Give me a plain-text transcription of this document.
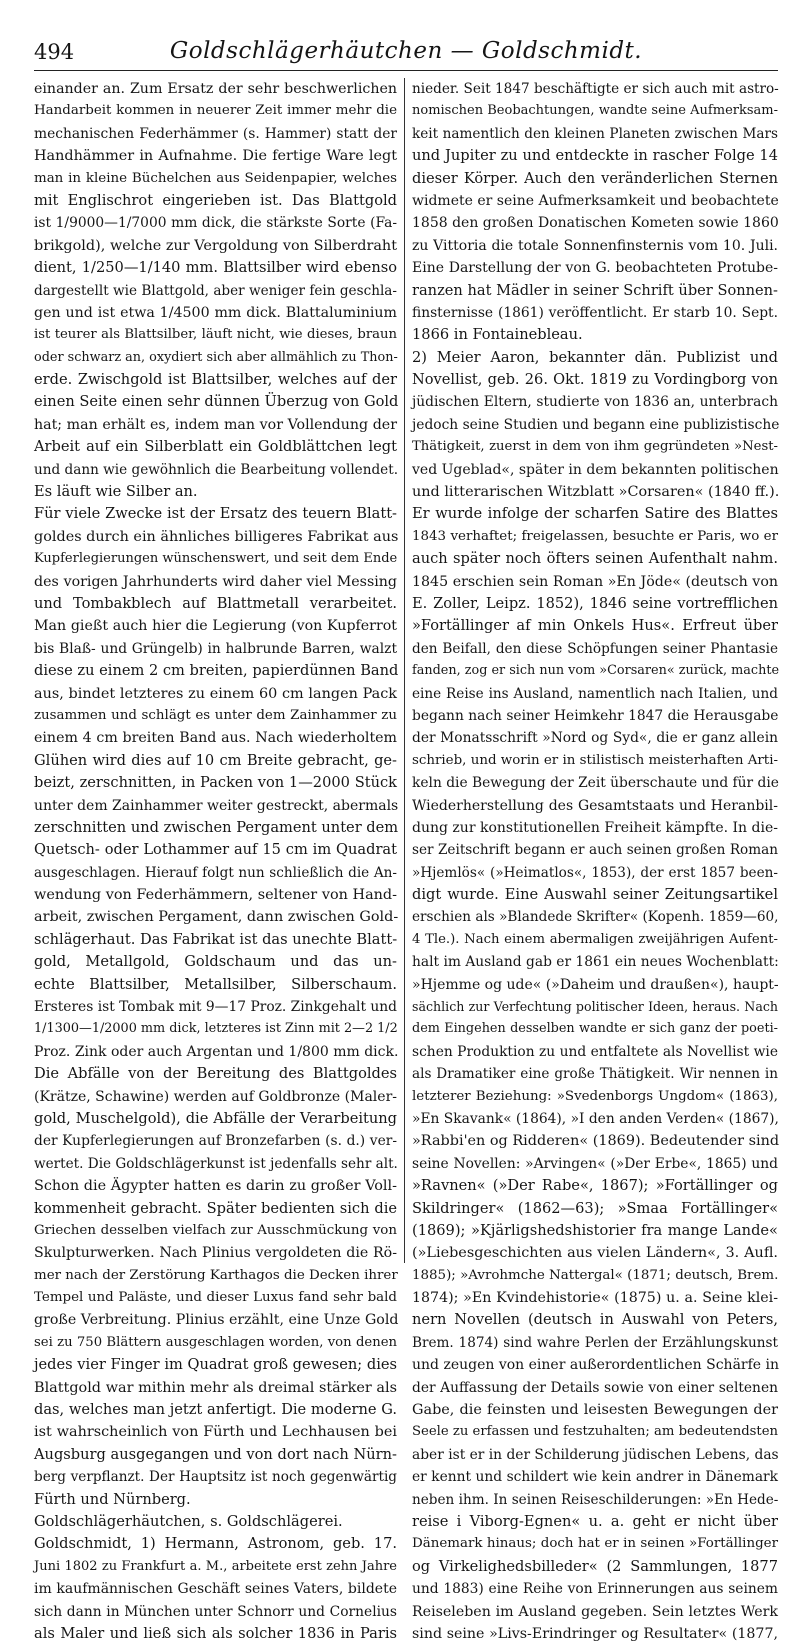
494	Goldschlägerhäutchen — Goldschmidt.
einander an. Zum Ersatz der sehr beschwerlichen
Handarbeit kommen in neuerer Zeit immer mehr die
mechanischen Federhämmer (s. Hammer) statt der
Handhämmer in Aufnahme. Die fertige Ware legt
man in kleine Büchelchen aus Seidenpapier, welches
mit Englischrot eingerieben ist. Das Blattgold
ist 1/9000—1/7000 mm dick, die stärkste Sorte (Fa-
brikgold), welche zur Vergoldung von Silberdraht
dient, 1/250—1/140 mm. Blattsilber wird ebenso
dargestellt wie Blattgold, aber weniger fein geschla-
gen und ist etwa 1/4500 mm dick. Blattaluminium
ist teurer als Blattsilber, läuft nicht, wie dieses, braun
oder schwarz an, oxydiert sich aber allmählich zu Thon-
erde. Zwischgold ist Blattsilber, welches auf der
einen Seite einen sehr dünnen Überzug von Gold
hat; man erhält es, indem man vor Vollendung der
Arbeit auf ein Silberblatt ein Goldblättchen legt
und dann wie gewöhnlich die Bearbeitung vollendet.
Es läuft wie Silber an.
Für viele Zwecke ist der Ersatz des teuern Blatt-
goldes durch ein ähnliches billigeres Fabrikat aus
Kupferlegierungen wünschenswert, und seit dem Ende
des vorigen Jahrhunderts wird daher viel Messing
und Tombakblech auf Blattmetall verarbeitet.
Man gießt auch hier die Legierung (von Kupferrot
bis Blaß- und Grüngelb) in halbrunde Barren, walzt
diese zu einem 2 cm breiten, papierdünnen Band
aus, bindet letzteres zu einem 60 cm langen Pack
zusammen und schlägt es unter dem Zainhammer zu
einem 4 cm breiten Band aus. Nach wiederholtem
Glühen wird dies auf 10 cm Breite gebracht, ge-
beizt, zerschnitten, in Packen von 1—2000 Stück
unter dem Zainhammer weiter gestreckt, abermals
zerschnitten und zwischen Pergament unter dem
Quetsch- oder Lothammer auf 15 cm im Quadrat
ausgeschlagen. Hierauf folgt nun schließlich die An-
wendung von Federhämmern, seltener von Hand-
arbeit, zwischen Pergament, dann zwischen Gold-
schlägerhaut. Das Fabrikat ist das unechte Blatt-
gold, Metallgold, Goldschaum und das un-
echte Blattsilber, Metallsilber, Silberschaum.
Ersteres ist Tombak mit 9—17 Proz. Zinkgehalt und
1/1300—1/2000 mm dick, letzteres ist Zinn mit 2—2 1/2
Proz. Zink oder auch Argentan und 1/800 mm dick.
Die Abfälle von der Bereitung des Blattgoldes
(Krätze, Schawine) werden auf Goldbronze (Maler-
gold, Muschelgold), die Abfälle der Verarbeitung
der Kupferlegierungen auf Bronzefarben (s. d.) ver-
wertet. Die Goldschlägerkunst ist jedenfalls sehr alt.
Schon die Ägypter hatten es darin zu großer Voll-
kommenheit gebracht. Später bedienten sich die
Griechen desselben vielfach zur Ausschmückung von
Skulpturwerken. Nach Plinius vergoldeten die Rö-
mer nach der Zerstörung Karthagos die Decken ihrer
Tempel und Paläste, und dieser Luxus fand sehr bald
große Verbreitung. Plinius erzählt, eine Unze Gold
sei zu 750 Blättern ausgeschlagen worden, von denen
jedes vier Finger im Quadrat groß gewesen; dies
Blattgold war mithin mehr als dreimal stärker als
das, welches man jetzt anfertigt. Die moderne G.
ist wahrscheinlich von Fürth und Lechhausen bei
Augsburg ausgegangen und von dort nach Nürn-
berg verpflanzt. Der Hauptsitz ist noch gegenwärtig
Fürth und Nürnberg.
Goldschlägerhäutchen, s. Goldschlägerei.
Goldschmidt, 1) Hermann, Astronom, geb. 17.
Juni 1802 zu Frankfurt a. M., arbeitete erst zehn Jahre
im kaufmännischen Geschäft seines Vaters, bildete
sich dann in München unter Schnorr und Cornelius
als Maler und ließ sich als solcher 1836 in Paris
nieder. Seit 1847 beschäftigte er sich auch mit astro-
nomischen Beobachtungen, wandte seine Aufmerksam-
keit namentlich den kleinen Planeten zwischen Mars
und Jupiter zu und entdeckte in rascher Folge 14
dieser Körper. Auch den veränderlichen Sternen
widmete er seine Aufmerksamkeit und beobachtete
1858 den großen Donatischen Kometen sowie 1860
zu Vittoria die totale Sonnenfinsternis vom 10. Juli.
Eine Darstellung der von G. beobachteten Protube-
ranzen hat Mädler in seiner Schrift über Sonnen-
finsternisse (1861) veröffentlicht. Er starb 10. Sept.
1866 in Fontainebleau.
2) Meier Aaron, bekannter dän. Publizist und
Novellist, geb. 26. Okt. 1819 zu Vordingborg von
jüdischen Eltern, studierte von 1836 an, unterbrach
jedoch seine Studien und begann eine publizistische
Thätigkeit, zuerst in dem von ihm gegründeten »Nest-
ved Ugeblad«, später in dem bekannten politischen
und litterarischen Witzblatt »Corsaren« (1840 ff.).
Er wurde infolge der scharfen Satire des Blattes
1843 verhaftet; freigelassen, besuchte er Paris, wo er
auch später noch öfters seinen Aufenthalt nahm.
1845 erschien sein Roman »En Jöde« (deutsch von
E. Zoller, Leipz. 1852), 1846 seine vortrefflichen
»Fortällinger af min Onkels Hus«. Erfreut über
den Beifall, den diese Schöpfungen seiner Phantasie
fanden, zog er sich nun vom »Corsaren« zurück, machte
eine Reise ins Ausland, namentlich nach Italien, und
begann nach seiner Heimkehr 1847 die Herausgabe
der Monatsschrift »Nord og Syd«, die er ganz allein
schrieb, und worin er in stilistisch meisterhaften Arti-
keln die Bewegung der Zeit überschaute und für die
Wiederherstellung des Gesamtstaats und Heranbil-
dung zur konstitutionellen Freiheit kämpfte. In die-
ser Zeitschrift begann er auch seinen großen Roman
»Hjemlös« (»Heimatlos«, 1853), der erst 1857 been-
digt wurde. Eine Auswahl seiner Zeitungsartikel
erschien als »Blandede Skrifter« (Kopenh. 1859—60,
4 Tle.). Nach einem abermaligen zweijährigen Aufent-
halt im Ausland gab er 1861 ein neues Wochenblatt:
»Hjemme og ude« (»Daheim und draußen«), haupt-
sächlich zur Verfechtung politischer Ideen, heraus. Nach
dem Eingehen desselben wandte er sich ganz der poeti-
schen Produktion zu und entfaltete als Novellist wie
als Dramatiker eine große Thätigkeit. Wir nennen in
letzterer Beziehung: »Svedenborgs Ungdom« (1863),
»En Skavank« (1864), »I den anden Verden« (1867),
»Rabbi'en og Ridderen« (1869). Bedeutender sind
seine Novellen: »Arvingen« (»Der Erbe«, 1865) und
»Ravnen« (»Der Rabe«, 1867); »Fortällinger og
Skildringer« (1862—63); »Smaa Fortällinger«
(1869); »Kjärligshedshistorier fra mange Lande«
(»Liebesgeschichten aus vielen Ländern«, 3. Aufl.
1885); »Avrohmche Nattergal« (1871; deutsch, Brem.
1874); »En Kvindehistorie« (1875) u. a. Seine klei-
nern Novellen (deutsch in Auswahl von Peters,
Brem. 1874) sind wahre Perlen der Erzählungskunst
und zeugen von einer außerordentlichen Schärfe in
der Auffassung der Details sowie von einer seltenen
Gabe, die feinsten und leisesten Bewegungen der
Seele zu erfassen und festzuhalten; am bedeutendsten
aber ist er in der Schilderung jüdischen Lebens, das
er kennt und schildert wie kein andrer in Dänemark
neben ihm. In seinen Reiseschilderungen: »En Hede-
reise i Viborg-Egnen« u. a. geht er nicht über
Dänemark hinaus; doch hat er in seinen »Fortällinger
og Virkelighedsbilleder« (2 Sammlungen, 1877
und 1883) eine Reihe von Erinnerungen aus seinem
Reiseleben im Ausland gegeben. Sein letztes Werk
sind seine »Livs-Erindringer og Resultater« (1877,
